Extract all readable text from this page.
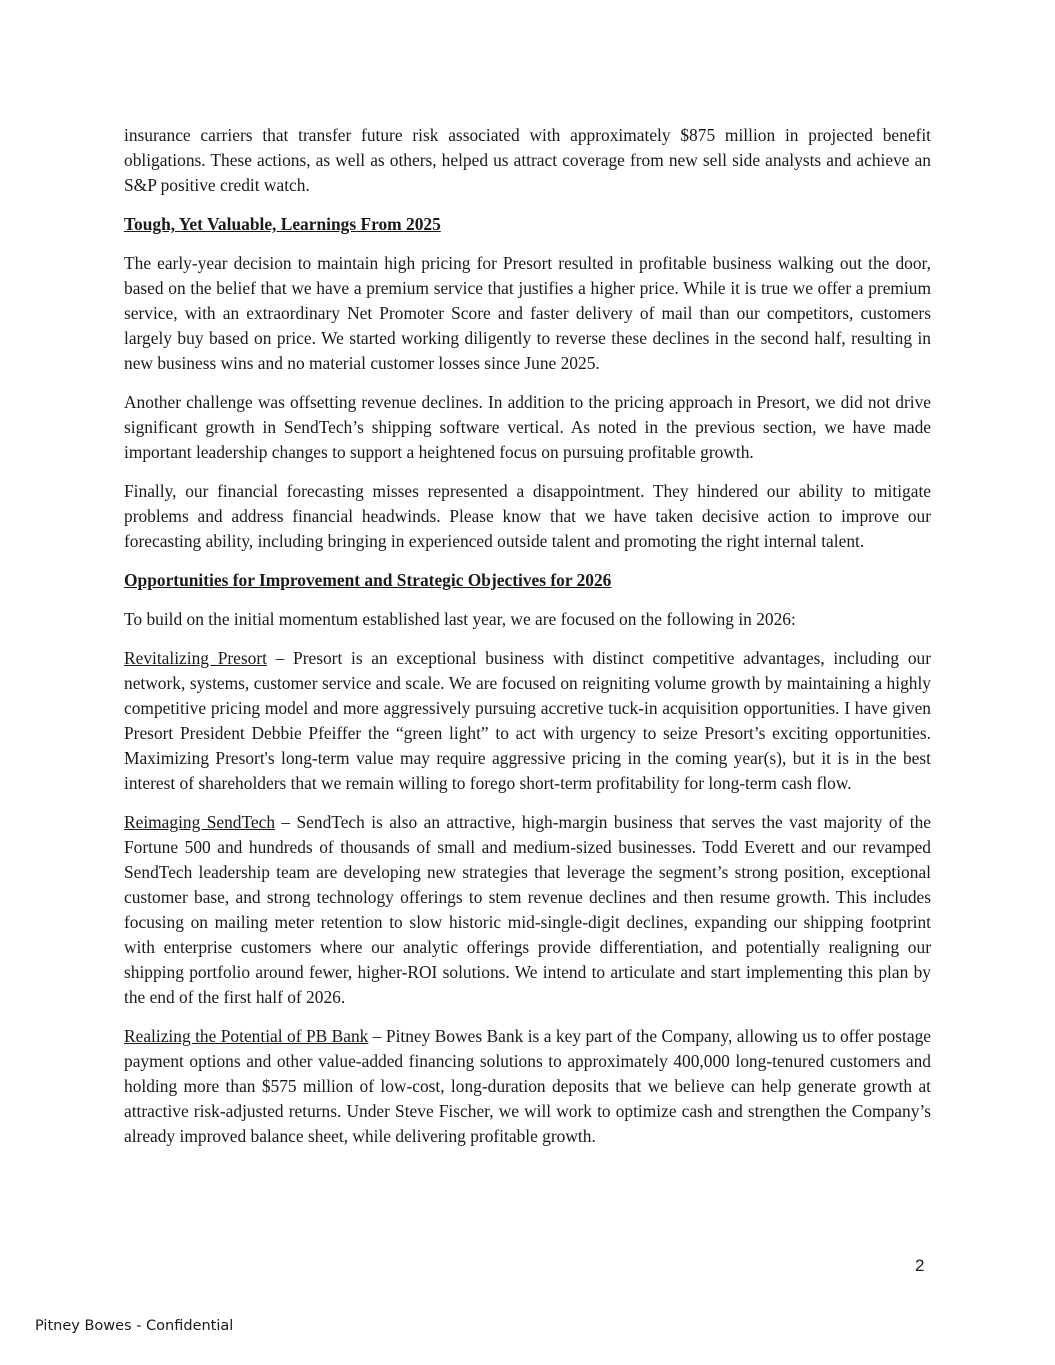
insurance carriers that transfer future risk associated with approximately $875 million in projected benefit obligations. These actions, as well as others, helped us attract coverage from new sell side analysts and achieve an S&P positive credit watch.

Tough, Yet Valuable, Learnings From 2025

The early-year decision to maintain high pricing for Presort resulted in profitable business walking out the door, based on the belief that we have a premium service that justifies a higher price. While it is true we offer a premium service, with an extraordinary Net Promoter Score and faster delivery of mail than our competitors, customers largely buy based on price. We started working diligently to reverse these declines in the second half, resulting in new business wins and no material customer losses since June 2025.

Another challenge was offsetting revenue declines. In addition to the pricing approach in Presort, we did not drive significant growth in SendTech’s shipping software vertical. As noted in the previous section, we have made important leadership changes to support a heightened focus on pursuing profitable growth.

Finally, our financial forecasting misses represented a disappointment. They hindered our ability to mitigate problems and address financial headwinds. Please know that we have taken decisive action to improve our forecasting ability, including bringing in experienced outside talent and promoting the right internal talent.

Opportunities for Improvement and Strategic Objectives for 2026

To build on the initial momentum established last year, we are focused on the following in 2026:

Revitalizing Presort – Presort is an exceptional business with distinct competitive advantages, including our network, systems, customer service and scale. We are focused on reigniting volume growth by maintaining a highly competitive pricing model and more aggressively pursuing accretive tuck-in acquisition opportunities. I have given Presort President Debbie Pfeiffer the “green light” to act with urgency to seize Presort’s exciting opportunities. Maximizing Presort's long-term value may require aggressive pricing in the coming year(s), but it is in the best interest of shareholders that we remain willing to forego short-term profitability for long-term cash flow.

Reimaging SendTech – SendTech is also an attractive, high-margin business that serves the vast majority of the Fortune 500 and hundreds of thousands of small and medium-sized businesses. Todd Everett and our revamped SendTech leadership team are developing new strategies that leverage the segment’s strong position, exceptional customer base, and strong technology offerings to stem revenue declines and then resume growth. This includes focusing on mailing meter retention to slow historic mid-single-digit declines, expanding our shipping footprint with enterprise customers where our analytic offerings provide differentiation, and potentially realigning our shipping portfolio around fewer, higher-ROI solutions. We intend to articulate and start implementing this plan by the end of the first half of 2026.

Realizing the Potential of PB Bank – Pitney Bowes Bank is a key part of the Company, allowing us to offer postage payment options and other value-added financing solutions to approximately 400,000 long-tenured customers and holding more than $575 million of low-cost, long-duration deposits that we believe can help generate growth at attractive risk-adjusted returns. Under Steve Fischer, we will work to optimize cash and strengthen the Company’s already improved balance sheet, while delivering profitable growth.

2
Pitney Bowes - Confidential
